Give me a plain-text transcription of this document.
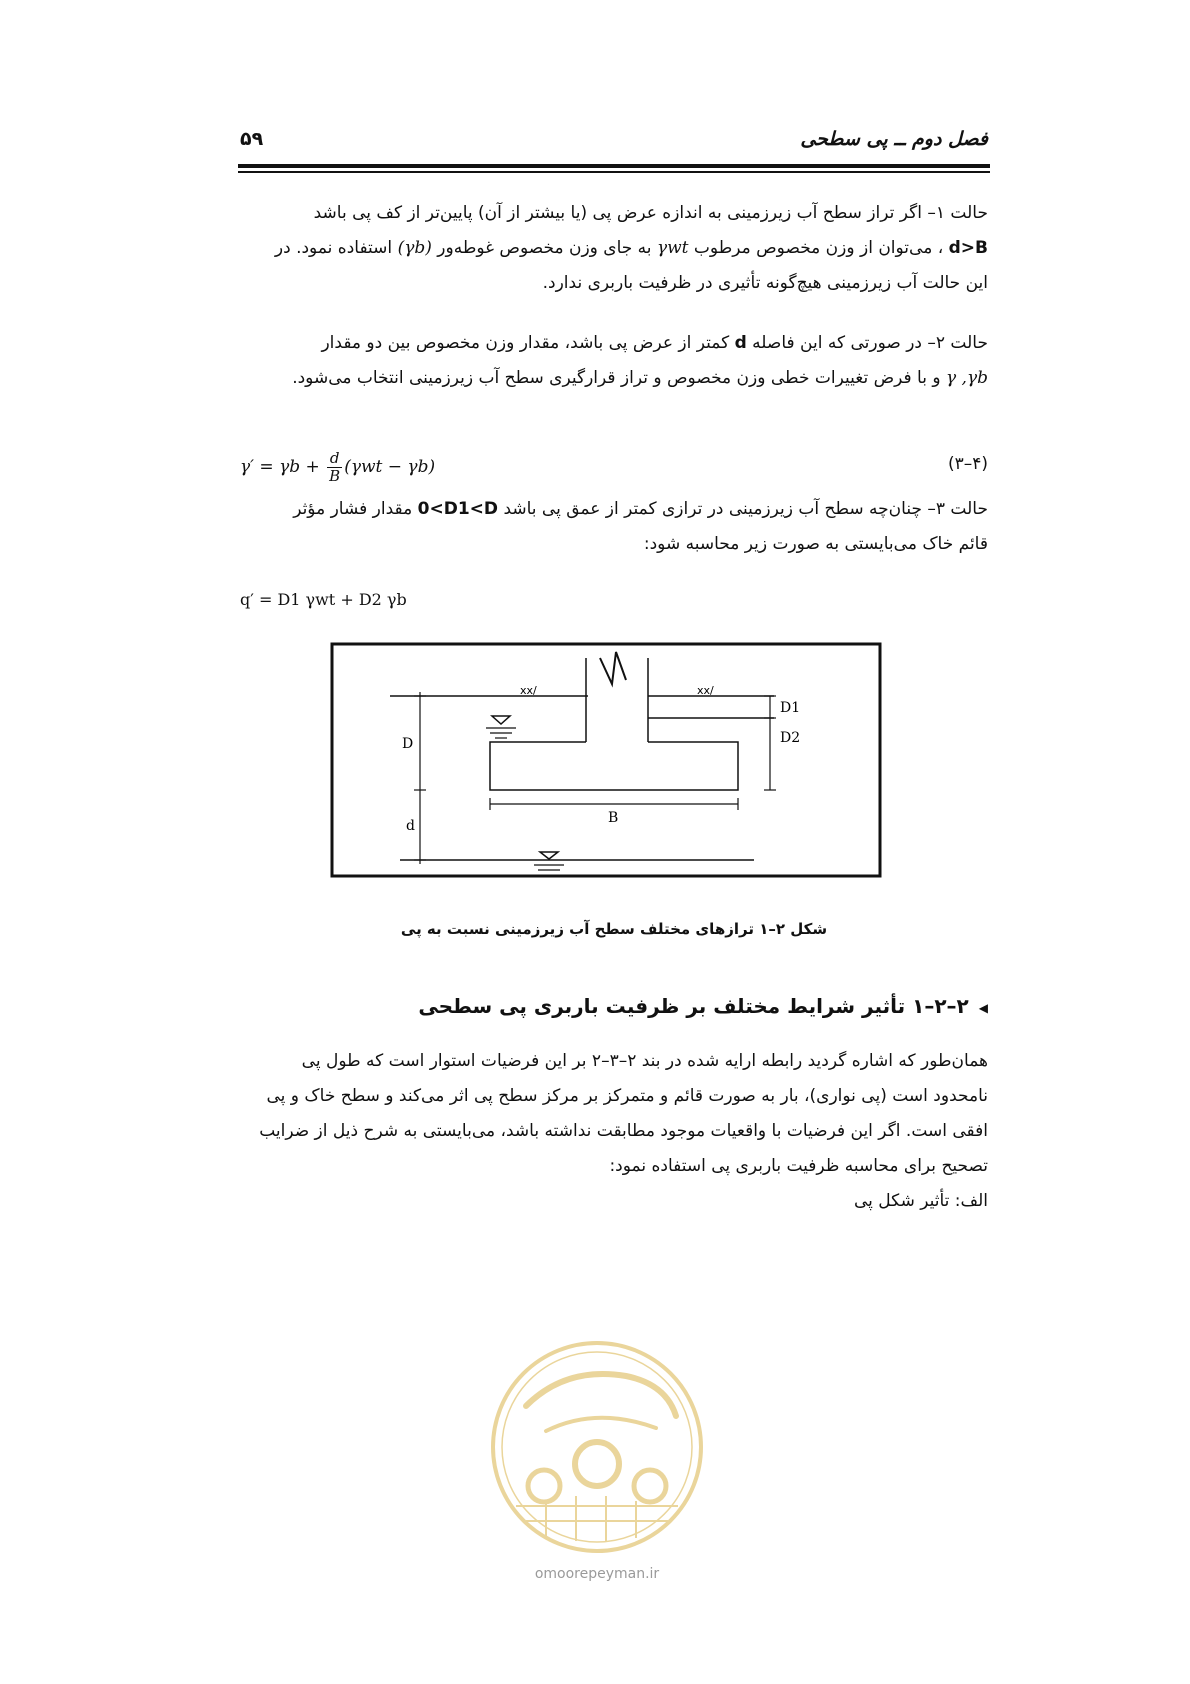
فصل دوم ــ پی سطحی
۵۹
حالت ۱– اگر تراز سطح آب زیرزمینی به اندازه عرض پی (یا بیشتر از آن) پایین‌تر از کف پی باشد
d>B ، می‌توان از وزن مخصوص مرطوب γwt به جای وزن مخصوص غوطه‌ور (γb) استفاده نمود. در
این حالت آب زیرزمینی هیچ‌گونه تأثیری در ظرفیت باربری ندارد.
حالت ۲– در صورتی که این فاصله d کمتر از عرض پی باشد، مقدار وزن مخصوص بین دو مقدار
γ ,γb و با فرض تغییرات خطی وزن مخصوص و تراز قرارگیری سطح آب زیرزمینی انتخاب می‌شود.
$\gamma' = \gamma b + \frac{d}{B} (\gamma wt - \gamma b)$	(۴–۳)
حالت ۳– چنان‌چه سطح آب زیرزمینی در ترازی کمتر از عمق پی باشد 0<D1<D مقدار فشار مؤثر
قائم خاک می‌بایستی به صورت زیر محاسبه شود:
q′ = D1 γwt + D2 γb
xx/	xx/
D1
D2
D
d	B
شکل ۲–۱ ترازهای مختلف سطح آب زیرزمینی نسبت به پی
◀۲–۲–۱ تأثیر شرایط مختلف بر ظرفیت باربری پی سطحی
همان‌طور که اشاره گردید رابطه ارایه شده در بند ۲–۳–۲ بر این فرضیات استوار است که طول پی
نامحدود است (پی نواری)، بار به صورت قائم و متمرکز بر مرکز سطح پی اثر می‌کند و سطح خاک و پی
افقی است. اگر این فرضیات با واقعیات موجود مطابقت نداشته باشد، می‌بایستی به شرح ذیل از ضرایب
تصحیح برای محاسبه ظرفیت باربری پی استفاده نمود:
الف: تأثیر شکل پی
omoorepeyman.ir
